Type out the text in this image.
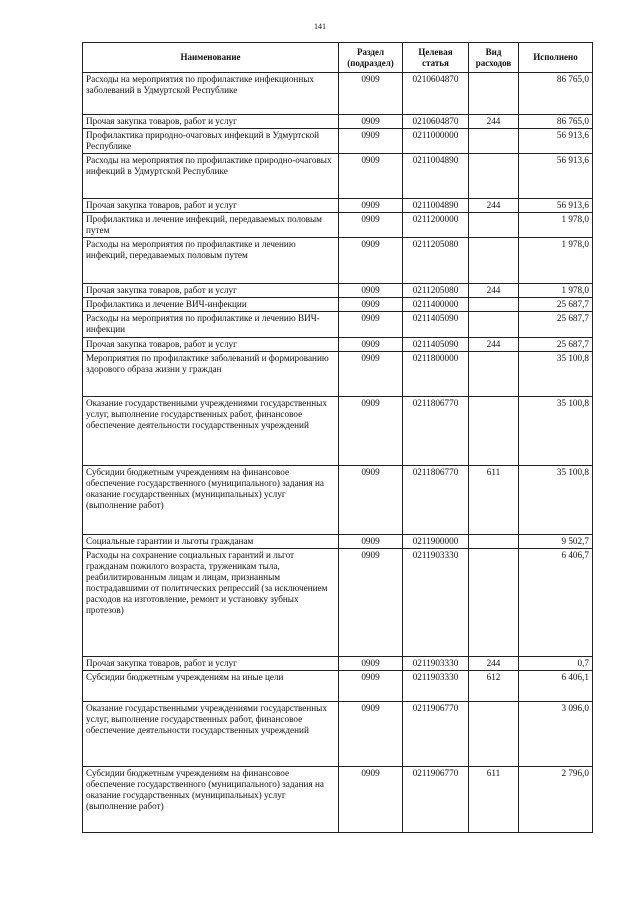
141
Наименование	Раздел (подраздел)	Целевая статья	Вид расходов	Исполнено
Расходы на мероприятия по профилактике инфекционных заболеваний в Удмуртской Республике	0909	0210604870		86 765,0
Прочая закупка товаров, работ и услуг	0909	0210604870	244	86 765,0
Профилактика природно-очаговых инфекций в Удмуртской Республике	0909	0211000000		56 913,6
Расходы на мероприятия по профилактике природно-очаговых инфекций в Удмуртской Республике	0909	0211004890		56 913,6
Прочая закупка товаров, работ и услуг	0909	0211004890	244	56 913,6
Профилактика и лечение инфекций, передаваемых половым путем	0909	0211200000		1 978,0
Расходы на мероприятия по профилактике и лечению инфекций, передаваемых половым путем	0909	0211205080		1 978,0
Прочая закупка товаров, работ и услуг	0909	0211205080	244	1 978,0
Профилактика и лечение ВИЧ-инфекции	0909	0211400000		25 687,7
Расходы на мероприятия по профилактике и лечению ВИЧ-инфекции	0909	0211405090		25 687,7
Прочая закупка товаров, работ и услуг	0909	0211405090	244	25 687,7
Мероприятия по профилактике заболеваний и формированию здорового образа жизни у граждан	0909	0211800000		35 100,8
Оказание государственными учреждениями государственных услуг, выполнение государственных работ, финансовое обеспечение деятельности государственных учреждений	0909	0211806770		35 100,8
Субсидии бюджетным учреждениям на финансовое обеспечение государственного (муниципального) задания на оказание государственных (муниципальных) услуг (выполнение работ)	0909	0211806770	611	35 100,8
Социальные гарантии и льготы гражданам	0909	0211900000		9 502,7
Расходы на сохранение социальных гарантий и льгот гражданам пожилого возраста, труженикам тыла, реабилитированным лицам и лицам, признанным пострадавшими от политических репрессий (за исключением расходов на изготовление, ремонт и установку зубных протезов)	0909	0211903330		6 406,7
Прочая закупка товаров, работ и услуг	0909	0211903330	244	0,7
Субсидии бюджетным учреждениям на иные цели	0909	0211903330	612	6 406,1
Оказание государственными учреждениями государственных услуг, выполнение государственных работ, финансовое обеспечение деятельности государственных учреждений	0909	0211906770		3 096,0
Субсидии бюджетным учреждениям на финансовое обеспечение государственного (муниципального) задания на оказание государственных (муниципальных) услуг (выполнение работ)	0909	0211906770	611	2 796,0
